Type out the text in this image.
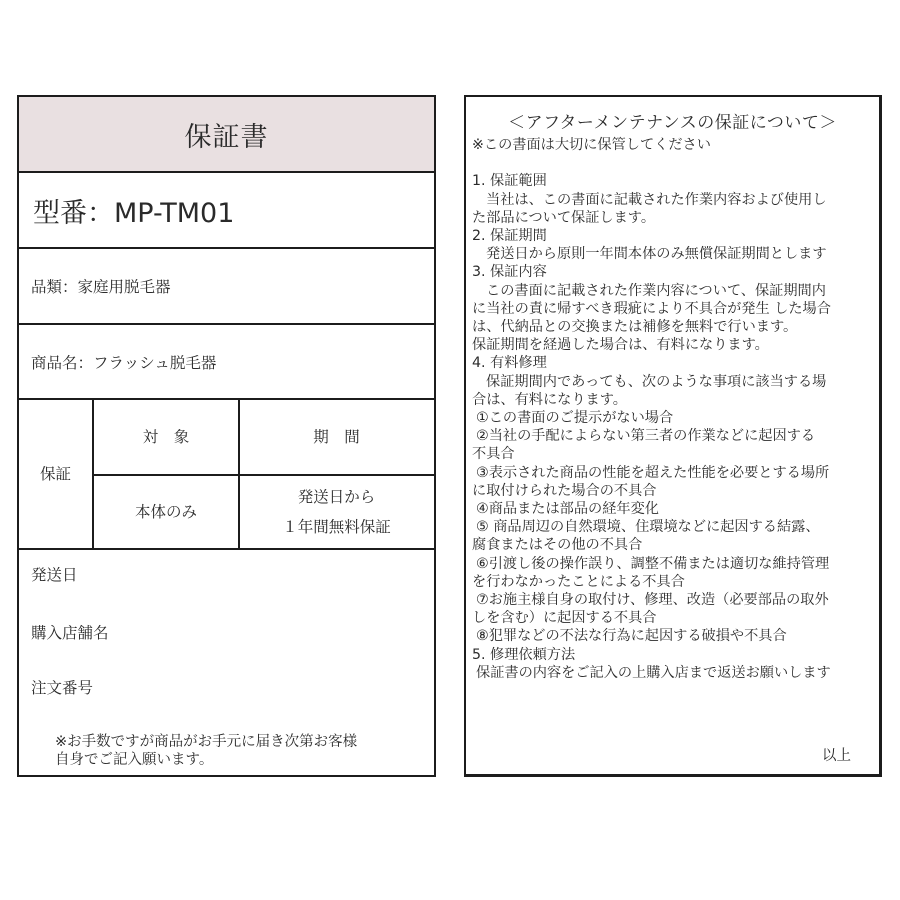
保証書
型番：MP-TM01
品類：家庭用脱毛器
商品名：フラッシュ脱毛器
保証
対　象	期　間
本体のみ
発送日から
１年間無料保証
発送日
購入店舗名
注文番号
※お手数ですが商品がお手元に届き次第お客様
自身でご記入願います。

＜アフターメンテナンスの保証について＞

※この書面は大切に保管してください

1. 保証範囲

当社は、この書面に記載された作業内容および使用し

た部品について保証します。

2. 保証期間

発送日から原則一年間本体のみ無償保証期間とします

3. 保証内容

この書面に記載された作業内容について、保証期間内

に当社の責に帰すべき瑕疵により不具合が発生 した場合

は、代納品との交換または補修を無料で行います。

保証期間を経過した場合は、有料になります。

4. 有料修理

保証期間内であっても、次のような事項に該当する場

合は、有料になります。

①この書面のご提示がない場合

②当社の手配によらない第三者の作業などに起因する

不具合

③表示された商品の性能を超えた性能を必要とする場所

に取付けられた場合の不具合

④商品または部品の経年変化

⑤ 商品周辺の自然環境、住環境などに起因する結露、

腐食またはその他の不具合

⑥引渡し後の操作誤り、調整不備または適切な維持管理

を行わなかったことによる不具合

⑦お施主様自身の取付け、修理、改造（必要部品の取外

しを含む）に起因する不具合

⑧犯罪などの不法な行為に起因する破損や不具合

5. 修理依頼方法

保証書の内容をご記入の上購入店まで返送お願いします

以上
